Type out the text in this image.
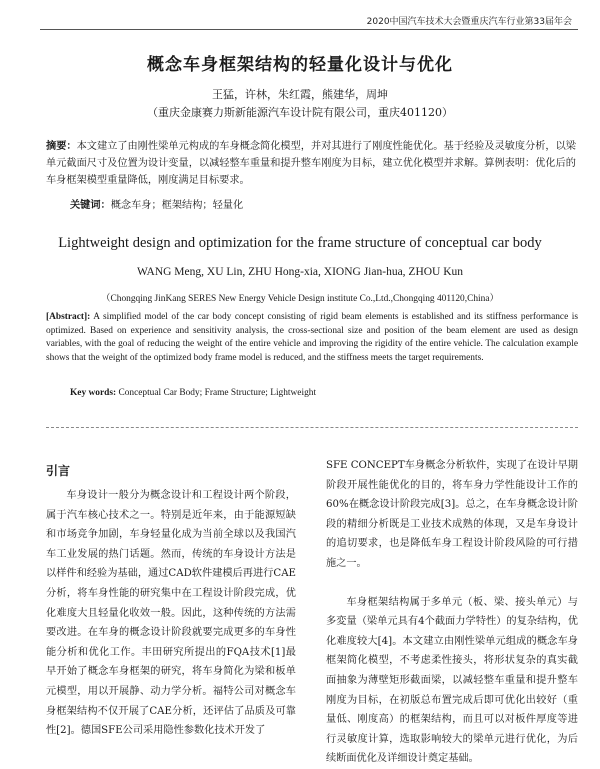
2020中国汽车技术大会暨重庆汽车行业第33届年会
概念车身框架结构的轻量化设计与优化
王猛，许林，朱红霞，熊建华，周坤
（重庆金康赛力斯新能源汽车设计院有限公司，重庆401120）
摘要：本文建立了由刚性梁单元构成的车身概念简化模型，并对其进行了刚度性能优化。基于经验及灵敏度分析，以梁单元截面尺寸及位置为设计变量，以减轻整车重量和提升整车刚度为目标，建立优化模型并求解。算例表明：优化后的车身框架模型重量降低，刚度满足目标要求。
关键词：概念车身；框架结构；轻量化
Lightweight design and optimization for the frame structure of conceptual car body
WANG Meng, XU Lin, ZHU Hong-xia, XIONG Jian-hua, ZHOU Kun
（Chongqing JinKang SERES New Energy Vehicle Design institute Co.,Ltd.,Chongqing 401120,China）
[Abstract]: A simplified model of the car body concept consisting of rigid beam elements is established and its stiffness performance is optimized. Based on experience and sensitivity analysis, the cross-sectional size and position of the beam element are used as design variables, with the goal of reducing the weight of the entire vehicle and improving the rigidity of the entire vehicle. The calculation example shows that the weight of the optimized body frame model is reduced, and the stiffness meets the target requirements.
Key words: Conceptual Car Body; Frame Structure; Lightweight
引言

车身设计一般分为概念设计和工程设计两个阶段，属于汽车核心技术之一。特别是近年来，由于能源短缺和市场竞争加剧，车身轻量化成为当前全球以及我国汽车工业发展的热门话题。然而，传统的车身设计方法是以样件和经验为基础，通过CAD软件建模后再进行CAE分析，将车身性能的研究集中在工程设计阶段完成，优化难度大且轻量化收效一般。因此，这种传统的方法需要改进。在车身的概念设计阶段就要完成更多的车身性能分析和优化工作。丰田研究所提出的FQA技术[1]最早开始了概念车身框架的研究，将车身简化为梁和板单元模型，用以开展静、动力学分析。福特公司对概念车身框架结构不仅开展了CAE分析，还评估了品质及可靠性[2]。德国SFE公司采用隐性参数化技术开发了

SFE CONCEPT车身概念分析软件，实现了在设计早期阶段开展性能优化的目的，将车身力学性能设计工作的60%在概念设计阶段完成[3]。总之，在车身概念设计阶段的精细分析既是工业技术成熟的体现，又是车身设计的追切要求，也是降低车身工程设计阶段风险的可行措施之一。

车身框架结构属于多单元（板、梁、接头单元）与多変量（梁单元具有4个截面力学特性）的复杂结构，优化难度较大[4]。本文建立由刚性梁单元组成的概念车身框架简化模型，不考虑柔性接头，将形状复杂的真实截面抽象为薄壁矩形截面梁，以减轻整车重量和提升整车刚度为目标，在初版总布置完成后即可优化出较好（重量低、刚度高）的框架结构，而且可以对板件厚度等进行灵敏度计算，选取影响较大的梁单元进行优化，为后续断面优化及详细设计奠定基础。
